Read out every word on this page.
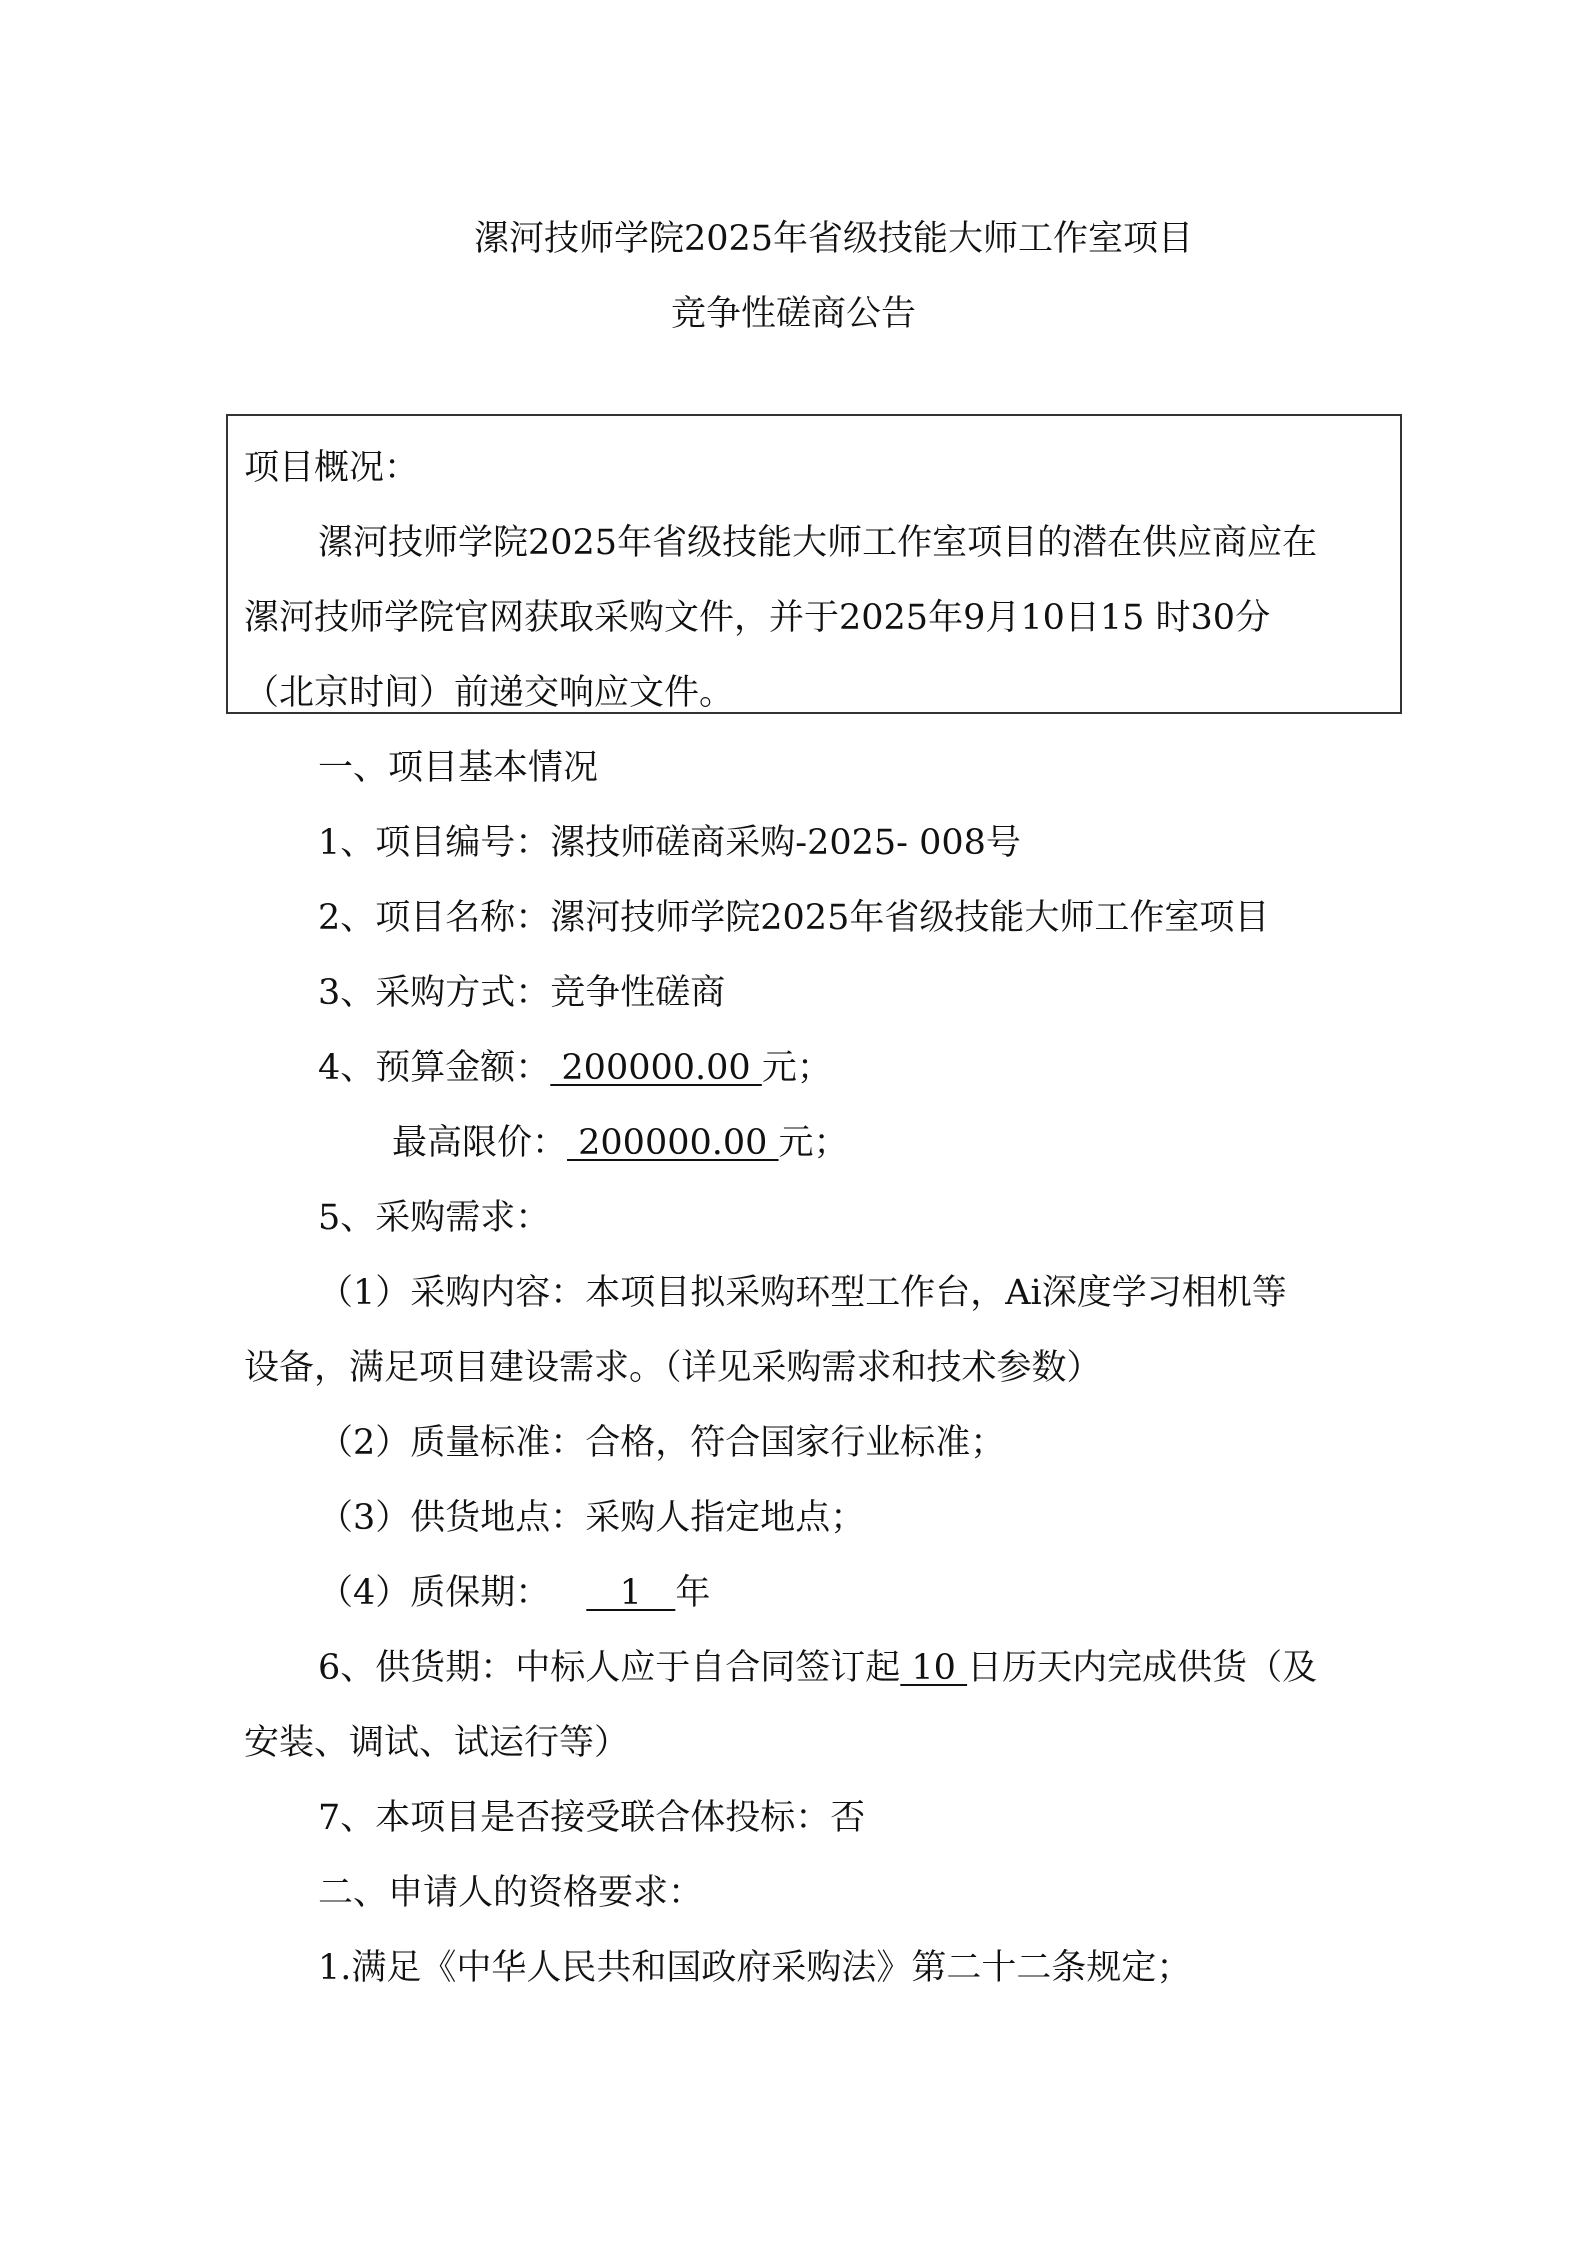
漯河技师学院2025年省级技能大师工作室项目
竞争性磋商公告
项目概况：
漯河技师学院2025年省级技能大师工作室项目的潜在供应商应在
漯河技师学院官网获取采购文件，并于2025年9月10日15 时30分
（北京时间）前递交响应文件。
一、项目基本情况
1、项目编号：漯技师磋商采购-2025- 008号
2、项目名称：漯河技师学院2025年省级技能大师工作室项目
3、采购方式：竞争性磋商
4、预算金额： 200000.00 元；
最高限价： 200000.00 元；
5、采购需求：
（1）采购内容：本项目拟采购环型工作台，Ai深度学习相机等
设备，满足项目建设需求。（详见采购需求和技术参数）
（2）质量标准：合格，符合国家行业标准；
（3）供货地点：采购人指定地点；
（4）质保期：   1   年
6、供货期：中标人应于自合同签订起 10 日历天内完成供货（及
安装、调试、试运行等）
7、本项目是否接受联合体投标：否
二、申请人的资格要求：
1.满足《中华人民共和国政府采购法》第二十二条规定；
